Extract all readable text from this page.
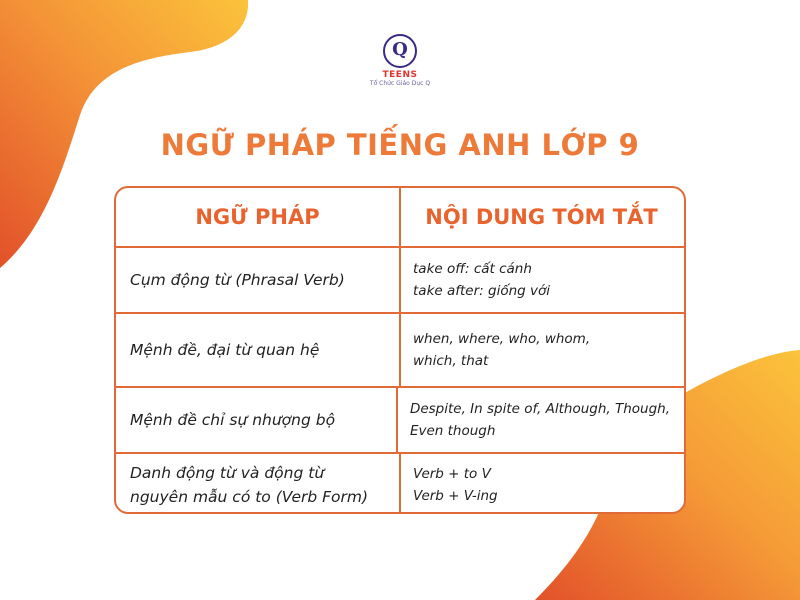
Q
TEENS
Tổ Chức Giáo Dục Q
NGỮ PHÁP TIẾNG ANH LỚP 9
NGỮ PHÁP	NỘI DUNG TÓM TẮT
Cụm động từ (Phrasal Verb)
take off: cất cánh
take after: giống với
Mệnh đề, đại từ quan hệ
when, where, who, whom,
which, that
Mệnh đề chỉ sự nhượng bộ
Despite, In spite of, Although, Though,
Even though
Danh động từ và động từ
nguyên mẫu có to (Verb Form)
Verb + to V
Verb + V-ing
